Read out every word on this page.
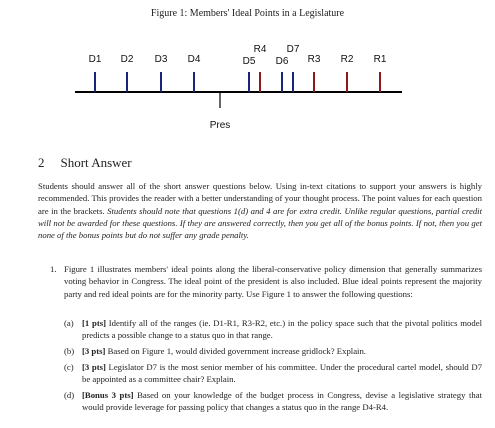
Figure 1: Members' Ideal Points in a Legislature
Pres
D1 D2 D3 D4	D5
R4
D6
D7
R3 R2 R1
2 Short Answer

Students should answer all of the short answer questions below. Using in-text citations to support your answers is highly recommended. This provides the reader with a better understanding of your thought process. The point values for each question are in the brackets. Students should note that questions 1(d) and 4 are for extra credit. Unlike regular questions, partial credit will not be awarded for these questions. If they are answered correctly, then you get all of the bonus points. If not, then you get none of the bonus points but do not suffer any grade penalty.

1. Figure 1 illustrates members' ideal points along the liberal-conservative policy dimension that generally summarizes voting behavior in Congress. The ideal point of the president is also included. Blue ideal points represent the majority party and red ideal points are for the minority party. Use Figure 1 to answer the following questions:
(a) [1 pts] Identify all of the ranges (ie. D1-R1, R3-R2, etc.) in the policy space such that the pivotal politics model predicts a possible change to a status quo in that range.
(b) [3 pts] Based on Figure 1, would divided government increase gridlock? Explain.
(c) [3 pts] Legislator D7 is the most senior member of his committee. Under the procedural cartel model, should D7 be appointed as a committee chair? Explain.
(d) [Bonus 3 pts] Based on your knowledge of the budget process in Congress, devise a legislative strategy that would provide leverage for passing policy that changes a status quo in the range D4-R4.
